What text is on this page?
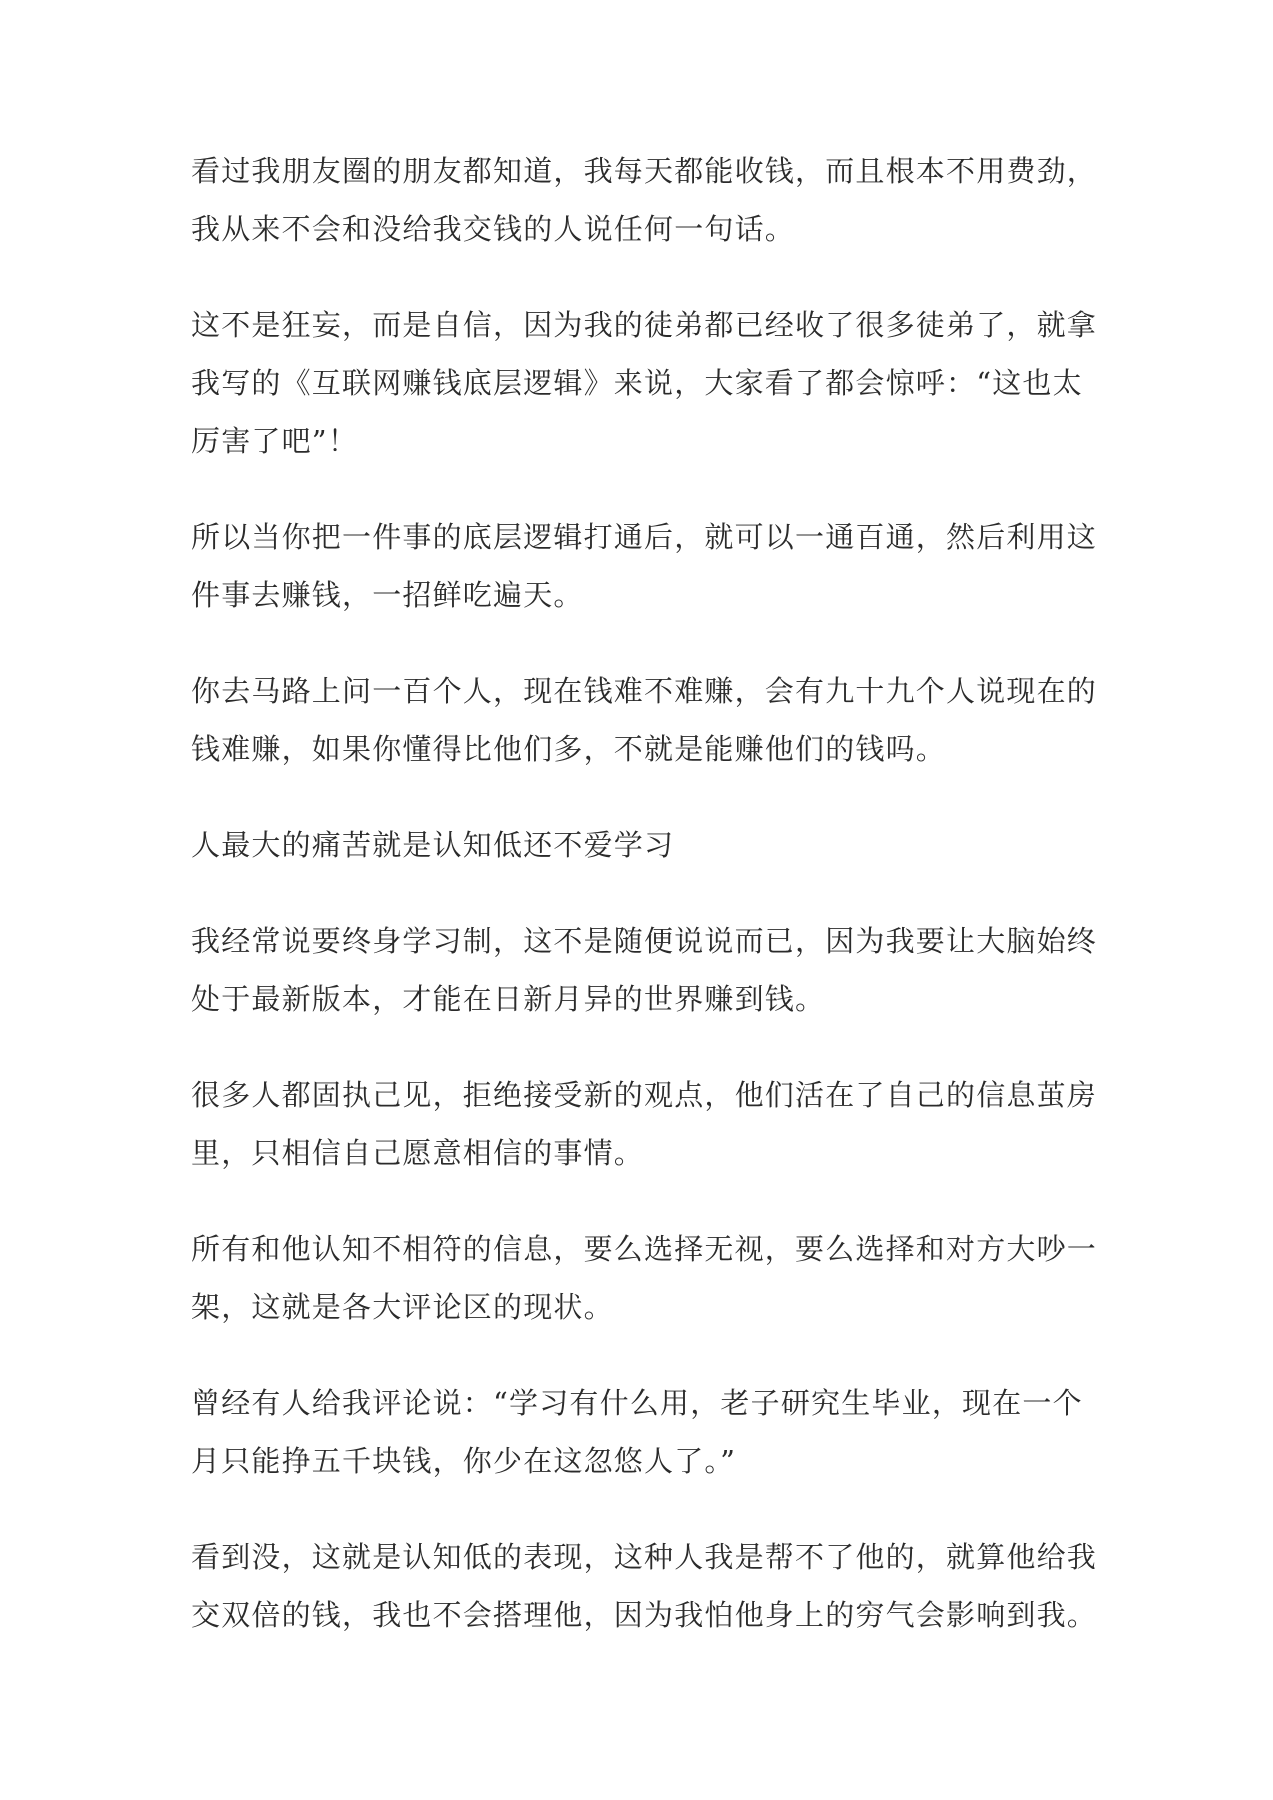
看过我朋友圈的朋友都知道，我每天都能收钱，而且根本不用费劲，
我从来不会和没给我交钱的人说任何一句话。

这不是狂妄，而是自信，因为我的徒弟都已经收了很多徒弟了，就拿
我写的《互联网赚钱底层逻辑》来说，大家看了都会惊呼：“这也太
厉害了吧”！

所以当你把一件事的底层逻辑打通后，就可以一通百通，然后利用这
件事去赚钱，一招鲜吃遍天。

你去马路上问一百个人，现在钱难不难赚，会有九十九个人说现在的
钱难赚，如果你懂得比他们多，不就是能赚他们的钱吗。

人最大的痛苦就是认知低还不爱学习

我经常说要终身学习制，这不是随便说说而已，因为我要让大脑始终
处于最新版本，才能在日新月异的世界赚到钱。

很多人都固执己见，拒绝接受新的观点，他们活在了自己的信息茧房
里，只相信自己愿意相信的事情。

所有和他认知不相符的信息，要么选择无视，要么选择和对方大吵一
架，这就是各大评论区的现状。

曾经有人给我评论说：“学习有什么用，老子研究生毕业，现在一个
月只能挣五千块钱，你少在这忽悠人了。”

看到没，这就是认知低的表现，这种人我是帮不了他的，就算他给我
交双倍的钱，我也不会搭理他，因为我怕他身上的穷气会影响到我。
